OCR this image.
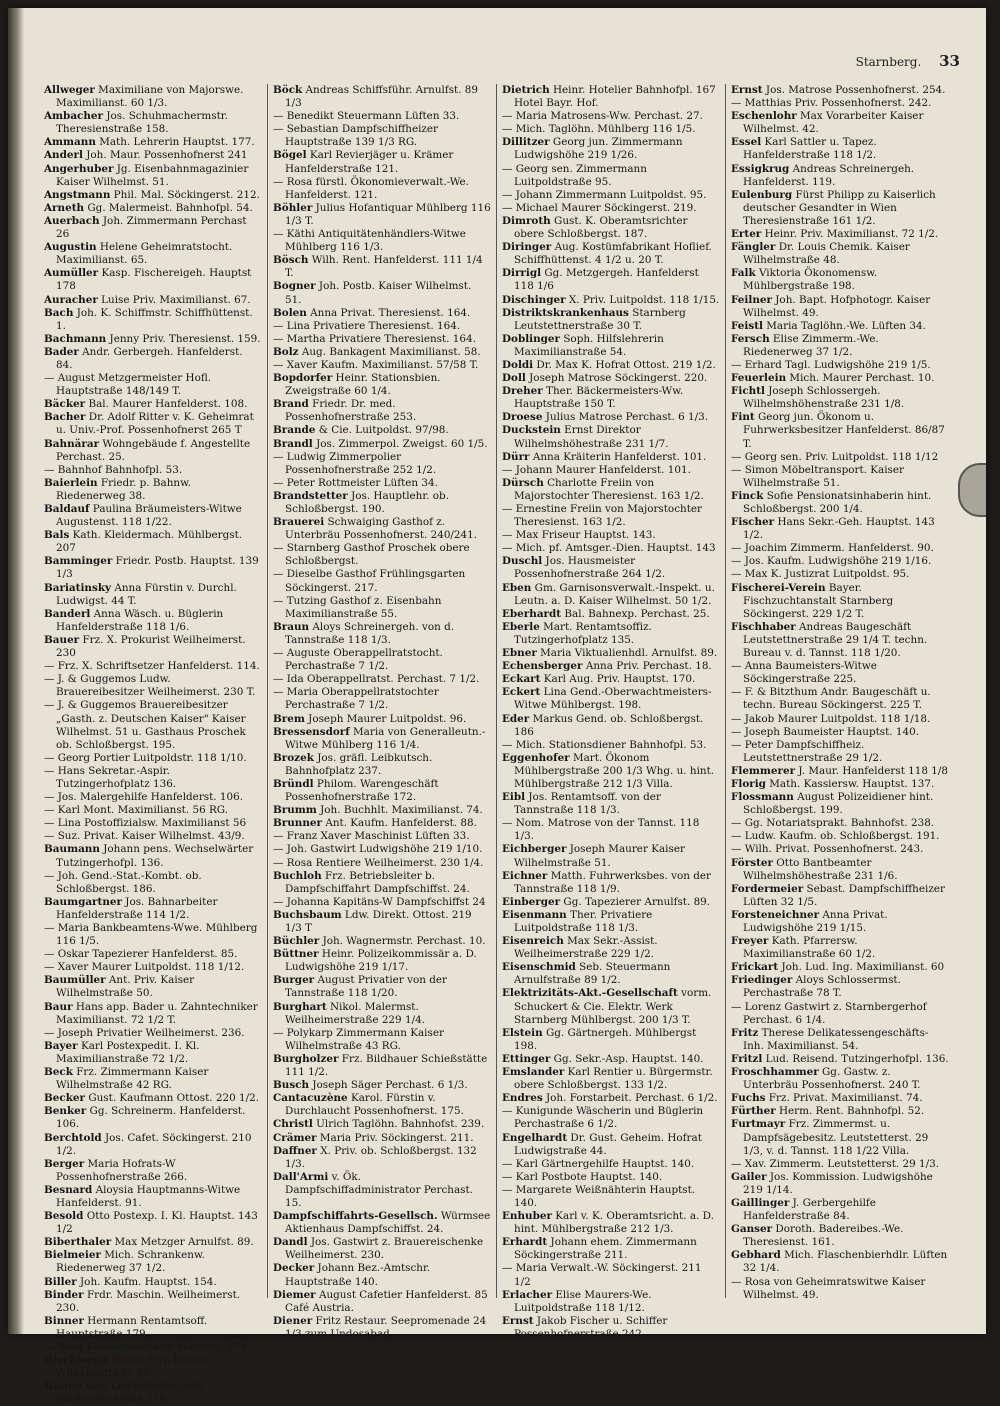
Starnberg. 33
Allweger Maximiliane von Majorswe. Maximilianst. 60 1/3.
Ambacher Jos. Schuhmachermstr. Theresienstraße 158.
Ammann Math. Lehrerin Hauptst. 177.
Anderl Joh. Maur. Possenhofnerst 241
Angerhuber Jg. Eisenbahnmagazinier Kaiser Wilhelmst. 51.
Angstmann Phil. Mal. Söckingerst. 212.
Arneth Gg. Malermeist. Bahnhofpl. 54.
Auerbach Joh. Zimmermann Perchast 26
Augustin Helene Geheimratstocht. Maximilianst. 65.
Aumüller Kasp. Fischereigeh. Hauptst 178
Auracher Luise Priv. Maximilianst. 67.
Bach Joh. K. Schiffmstr. Schiffhüttenst. 1.
Bachmann Jenny Priv. Theresienst. 159.
Bader Andr. Gerbergeh. Hanfelderst. 84.
— August Metzgermeister Hofl. Hauptstraße 148/149 T.
Bäcker Bal. Maurer Hanfelderst. 108.
Bacher Dr. Adolf Ritter v. K. Geheimrat u. Univ.-Prof. Possenhofnerst 265 T
Bahnärar Wohngebäude f. Angestellte Perchast. 25.
— Bahnhof Bahnhofpl. 53.
Baierlein Friedr. p. Bahnw. Riedenerweg 38.
Baldauf Paulina Bräumeisters-Witwe Augustenst. 118 1/22.
Bals Kath. Kleidermach. Mühlbergst. 207
Bamminger Friedr. Postb. Hauptst. 139 1/3
Bariatinsky Anna Fürstin v. Durchl. Ludwigst. 44 T.
Banderl Anna Wäsch. u. Büglerin Hanfelderstraße 118 1/6.
Bauer Frz. X. Prokurist Weilheimerst. 230
— Frz. X. Schriftsetzer Hanfelderst. 114.
— J. & Guggemos Ludw. Brauereibesitzer Weilheimerst. 230 T.
— J. & Guggemos Brauereibesitzer „Gasth. z. Deutschen Kaiser" Kaiser Wilhelmst. 51 u. Gasthaus Proschek ob. Schloßbergst. 195.
— Georg Portier Luitpoldstr. 118 1/10.
— Hans Sekretar.-Aspir. Tutzingerhofplatz 136.
— Jos. Malergehilfe Hanfelderst. 106.
— Karl Mont. Maximilianst. 56 RG.
— Lina Postoffizialsw. Maximilianst 56
— Suz. Privat. Kaiser Wilhelmst. 43/9.
Baumann Johann pens. Wechselwärter Tutzingerhofpl. 136.
— Joh. Gend.-Stat.-Kombt. ob. Schloßbergst. 186.
Baumgartner Jos. Bahnarbeiter Hanfelderstraße 114 1/2.
— Maria Bankbeamtens-Wwe. Mühlberg 116 1/5.
— Oskar Tapezierer Hanfelderst. 85.
— Xaver Maurer Luitpoldst. 118 1/12.
Baumüller Ant. Priv. Kaiser Wilhelmstraße 50.
Baur Hans app. Bader u. Zahntechniker Maximilianst. 72 1/2 T.
— Joseph Privatier Weilheimerst. 236.
Bayer Karl Postexpedit. I. Kl. Maximilianstraße 72 1/2.
Beck Frz. Zimmermann Kaiser Wilhelmstraße 42 RG.
Becker Gust. Kaufmann Ottost. 220 1/2.
Benker Gg. Schreinerm. Hanfelderst. 106.
Berchtold Jos. Cafet. Söckingerst. 210 1/2.
Berger Maria Hofrats-W Possenhofnerstraße 266.
Besnard Aloysia Hauptmanns-Witwe Hanfelderst. 91.
Besold Otto Postexp. I. Kl. Hauptst. 143 1/2
Biberthaler Max Metzger Arnulfst. 89.
Bielmeier Mich. Schrankenw. Riedenerweg 37 1/2.
Biller Joh. Kaufm. Hauptst. 154.
Binder Frdr. Maschin. Weilheimerst. 230.
Binner Hermann Rentamtsoff. Hauptstraße 179.
— Rosa Kleidermacherin Hauptst. 179.
Blechwenn Heinr. Priv. Kaiser Wilhelmstraße 50.
Blume Karl Landschaftsgärtn. Söckingerstraße 210.
Böck Andreas Schiffsführ. Arnulfst. 89 1/3
— Benedikt Steuermann Lüften 33.
— Sebastian Dampfschiffheizer Hauptstraße 139 1/3 RG.
Bögel Karl Revierjäger u. Krämer Hanfelderstraße 121.
— Rosa fürstl. Ökonomieverwalt.-We. Hanfelderst. 121.
Böhler Julius Hofantiquar Mühlberg 116 1/3 T.
— Käthi Antiquitätenhändlers-Witwe Mühlberg 116 1/3.
Bösch Wilh. Rent. Hanfelderst. 111 1/4 T.
Bogner Joh. Postb. Kaiser Wilhelmst. 51.
Bolen Anna Privat. Theresienst. 164.
— Lina Privatiere Theresienst. 164.
— Martha Privatiere Theresienst. 164.
Bolz Aug. Bankagent Maximilianst. 58.
— Xaver Kaufm. Maximilianst. 57/58 T.
Bopdorfer Heinr. Stationsbien. Zweigstraße 60 1/4.
Brand Friedr. Dr. med. Possenhofnerstraße 253.
Brande & Cie. Luitpoldst. 97/98.
Brandl Jos. Zimmerpol. Zweigst. 60 1/5.
— Ludwig Zimmerpolier Possenhofnerstraße 252 1/2.
— Peter Rottmeister Lüften 34.
Brandstetter Jos. Hauptlehr. ob. Schloßbergst. 190.
Brauerei Schwaiging Gasthof z. Unterbräu Possenhofnerst. 240/241.
— Starnberg Gasthof Proschek obere Schloßbergst.
— Dieselbe Gasthof Frühlingsgarten Söckingerst. 217.
— Tutzing Gasthof z. Eisenbahn Maximilianstraße 55.
Braun Aloys Schreinergeh. von d. Tannstraße 118 1/3.
— Auguste Oberappellratstocht. Perchastraße 7 1/2.
— Ida Oberappellratst. Perchast. 7 1/2.
— Maria Oberappellratstochter Perchastraße 7 1/2.
Brem Joseph Maurer Luitpoldst. 96.
Bressensdorf Maria von Generalleutn.-Witwe Mühlberg 116 1/4.
Brozek Jos. gräfl. Leibkutsch. Bahnhofplatz 237.
Bründl Philom. Warengeschäft Possenhofnerstraße 172.
Brumm Joh. Buchhlt. Maximilianst. 74.
Brunner Ant. Kaufm. Hanfelderst. 88.
— Franz Xaver Maschinist Lüften 33.
— Joh. Gastwirt Ludwigshöhe 219 1/10.
— Rosa Rentiere Weilheimerst. 230 1/4.
Buchloh Frz. Betriebsleiter b. Dampfschiffahrt Dampfschiffst. 24.
— Johanna Kapitäns-W Dampfschiffst 24
Buchsbaum Ldw. Direkt. Ottost. 219 1/3 T
Büchler Joh. Wagnermstr. Perchast. 10.
Büttner Heinr. Polizeikommissär a. D. Ludwigshöhe 219 1/17.
Burger August Privatier von der Tannstraße 118 1/20.
Burghart Nikol. Malermst. Weilheimerstraße 229 1/4.
— Polykarp Zimmermann Kaiser Wilhelmstraße 43 RG.
Burgholzer Frz. Bildhauer Schießstätte 111 1/2.
Busch Joseph Säger Perchast. 6 1/3.
Cantacuzène Karol. Fürstin v. Durchlaucht Possenhofnerst. 175.
Christl Ulrich Taglöhn. Bahnhofst. 239.
Crämer Maria Priv. Söckingerst. 211.
Daffner X. Priv. ob. Schloßbergst. 132 1/3.
Dall'Armi v. Ök. Dampfschiffadministrator Perchast. 15.
Dampfschiffahrts-Gesellsch. Würmsee Aktienhaus Dampfschiffst. 24.
Dandl Jos. Gastwirt z. Brauereischenke Weilheimerst. 230.
Decker Johann Bez.-Amtschr. Hauptstraße 140.
Diemer August Cafetier Hanfelderst. 85 Café Austria.
Diener Fritz Restaur. Seepromenade 24 1/3 zum Undosabad.
Dietrich Heinr. Hotelier Bahnhofpl. 167 Hotel Bayr. Hof.
— Maria Matrosens-Ww. Perchast. 27.
— Mich. Taglöhn. Mühlberg 116 1/5.
Dillitzer Georg jun. Zimmermann Ludwigshöhe 219 1/26.
— Georg sen. Zimmermann Luitpoldstraße 95.
— Johann Zimmermann Luitpoldst. 95.
— Michael Maurer Söckingerst. 219.
Dimroth Gust. K. Oberamtsrichter obere Schloßbergst. 187.
Diringer Aug. Kostümfabrikant Hoflief. Schiffhüttenst. 4 1/2 u. 20 T.
Dirrigl Gg. Metzgergeh. Hanfelderst 118 1/6
Dischinger X. Priv. Luitpoldst. 118 1/15.
Distriktskrankenhaus Starnberg Leutstettnerstraße 30 T.
Doblinger Soph. Hilfslehrerin Maximilianstraße 54.
Doldi Dr. Max K. Hofrat Ottost. 219 1/2.
Doll Joseph Matrose Söckingerst. 220.
Dreher Ther. Bäckermeisters-Ww. Hauptstraße 150 T.
Droese Julius Matrose Perchast. 6 1/3.
Duckstein Ernst Direktor Wilhelmshöhestraße 231 1/7.
Dürr Anna Kräiterin Hanfelderst. 101.
— Johann Maurer Hanfelderst. 101.
Dürsch Charlotte Freiin von Majorstochter Theresienst. 163 1/2.
— Ernestine Freiin von Majorstochter Theresienst. 163 1/2.
— Max Friseur Hauptst. 143.
— Mich. pf. Amtsger.-Dien. Hauptst. 143
Duschl Jos. Hausmeister Possenhofnerstraße 264 1/2.
Eben Gm. Garnisonsverwalt.-Inspekt. u. Leutn. a. D. Kaiser Wilhelmst. 50 1/2.
Eberhardt Bal. Bahnexp. Perchast. 25.
Eberle Mart. Rentamtsoffiz. Tutzingerhofplatz 135.
Ebner Maria Viktualienhdl. Arnulfst. 89.
Echensberger Anna Priv. Perchast. 18.
Eckart Karl Aug. Priv. Hauptst. 170.
Eckert Lina Gend.-Oberwachtmeisters-Witwe Mühlbergst. 198.
Eder Markus Gend. ob. Schloßbergst. 186
— Mich. Stationsdiener Bahnhofpl. 53.
Eggenhofer Mart. Ökonom Mühlbergstraße 200 1/3 Whg. u. hint. Mühlbergstraße 212 1/3 Villa.
Eibl Jos. Rentamtsoff. von der Tannstraße 118 1/3.
— Nom. Matrose von der Tannst. 118 1/3.
Eichberger Joseph Maurer Kaiser Wilhelmstraße 51.
Eichner Matth. Fuhrwerksbes. von der Tannstraße 118 1/9.
Einberger Gg. Tapezierer Arnulfst. 89.
Eisenmann Ther. Privatiere Luitpoldstraße 118 1/3.
Eisenreich Max Sekr.-Assist. Weilheimerstraße 229 1/2.
Eisenschmid Seb. Steuermann Arnulfstraße 89 1/2.
Elektrizitäts-Akt.-Gesellschaft vorm. Schuckert & Cie. Elektr. Werk Starnberg Mühlbergst. 200 1/3 T.
Elstein Gg. Gärtnergeh. Mühlbergst 198.
Ettinger Gg. Sekr.-Asp. Hauptst. 140.
Emslander Karl Rentier u. Bürgermstr. obere Schloßbergst. 133 1/2.
Endres Joh. Forstarbeit. Perchast. 6 1/2.
— Kunigunde Wäscherin und Büglerin Perchastraße 6 1/2.
Engelhardt Dr. Gust. Geheim. Hofrat Ludwigstraße 44.
— Karl Gärtnergehilfe Hauptst. 140.
— Karl Postbote Hauptst. 140.
— Margarete Weißnähterin Hauptst. 140.
Enhuber Karl v. K. Oberamtsricht. a. D. hint. Mühlbergstraße 212 1/3.
Erhardt Johann ehem. Zimmermann Söckingerstraße 211.
— Maria Verwalt.-W. Söckingerst. 211 1/2
Erlacher Elise Maurers-We. Luitpoldstraße 118 1/12.
Ernst Jakob Fischer u. Schiffer Possenhofnerstraße 242.
Ernst Jos. Matrose Possenhofnerst. 254.
— Matthias Priv. Possenhofnerst. 242.
Eschenlohr Max Vorarbeiter Kaiser Wilhelmst. 42.
Essel Karl Sattler u. Tapez. Hanfelderstraße 118 1/2.
Essigkrug Andreas Schreinergeh. Hanfelderst. 119.
Eulenburg Fürst Philipp zu Kaiserlich deutscher Gesandter in Wien Theresienstraße 161 1/2.
Erter Heinr. Priv. Maximilianst. 72 1/2.
Fängler Dr. Louis Chemik. Kaiser Wilhelmstraße 48.
Falk Viktoria Ökonomensw. Mühlbergstraße 198.
Feilner Joh. Bapt. Hofphotogr. Kaiser Wilhelmst. 49.
Feistl Maria Taglöhn.-We. Lüften 34.
Fersch Elise Zimmerm.-We. Riedenerweg 37 1/2.
— Erhard Tagl. Ludwigshöhe 219 1/5.
Feuerlein Mich. Maurer Perchast. 10.
Fichtl Joseph Schlossergeh. Wilhelmshöhenstraße 231 1/8.
Fint Georg jun. Ökonom u. Fuhrwerksbesitzer Hanfelderst. 86/87 T.
— Georg sen. Priv. Luitpoldst. 118 1/12
— Simon Möbeltransport. Kaiser Wilhelmstraße 51.
Finck Sofie Pensionatsinhaberin hint. Schloßbergst. 200 1/4.
Fischer Hans Sekr.-Geh. Hauptst. 143 1/2.
— Joachim Zimmerm. Hanfelderst. 90.
— Jos. Kaufm. Ludwigshöhe 219 1/16.
— Max K. Justizrat Luitpoldst. 95.
Fischerei-Verein Bayer. Fischzuchtanstalt Starnberg Söckingerst. 229 1/2 T.
Fischhaber Andreas Baugeschäft Leutstettnerstraße 29 1/4 T. techn. Bureau v. d. Tannst. 118 1/20.
— Anna Baumeisters-Witwe Söckingerstraße 225.
— F. & Bitzthum Andr. Baugeschäft u. techn. Bureau Söckingerst. 225 T.
— Jakob Maurer Luitpoldst. 118 1/18.
— Joseph Baumeister Hauptst. 140.
— Peter Dampfschiffheiz. Leutstettnerstraße 29 1/2.
Flemmerer J. Maur. Hanfelderst 118 1/8
Florig Math. Kassiersw. Hauptst. 137.
Flossmann August Polizeidiener hint. Schloßbergst. 199.
— Gg. Notariatsprakt. Bahnhofst. 238.
— Ludw. Kaufm. ob. Schloßbergst. 191.
— Wilh. Privat. Possenhofnerst. 243.
Förster Otto Bantbeamter Wilhelmshöhestraße 231 1/6.
Fordermeier Sebast. Dampfschiffheizer Lüften 32 1/5.
Forsteneichner Anna Privat. Ludwigshöhe 219 1/15.
Freyer Kath. Pfarrersw. Maximilianstraße 60 1/2.
Frickart Joh. Lud. Ing. Maximilianst. 60
Friedinger Aloys Schlossermst. Perchastraße 78 T.
— Lorenz Gastwirt z. Starnbergerhof Perchast. 6 1/4.
Fritz Therese Delikatessengeschäfts-Inh. Maximilianst. 54.
Fritzl Lud. Reisend. Tutzingerhofpl. 136.
Froschhammer Gg. Gastw. z. Unterbräu Possenhofnerst. 240 T.
Fuchs Frz. Privat. Maximilianst. 74.
Fürther Herm. Rent. Bahnhofpl. 52.
Furtmayr Frz. Zimmermst. u. Dampfsägebesitz. Leutstetterst. 29 1/3, v. d. Tannst. 118 1/22 Villa.
— Xav. Zimmerm. Leutstetterst. 29 1/3.
Gailer Jos. Kommission. Ludwigshöhe 219 1/14.
Gaillinger J. Gerbergehilfe Hanfelderstraße 84.
Ganser Doroth. Badereibes.-We. Theresienst. 161.
Gebhard Mich. Flaschenbierhdlr. Lüften 32 1/4.
— Rosa von Geheimratswitwe Kaiser Wilhelmst. 49.
